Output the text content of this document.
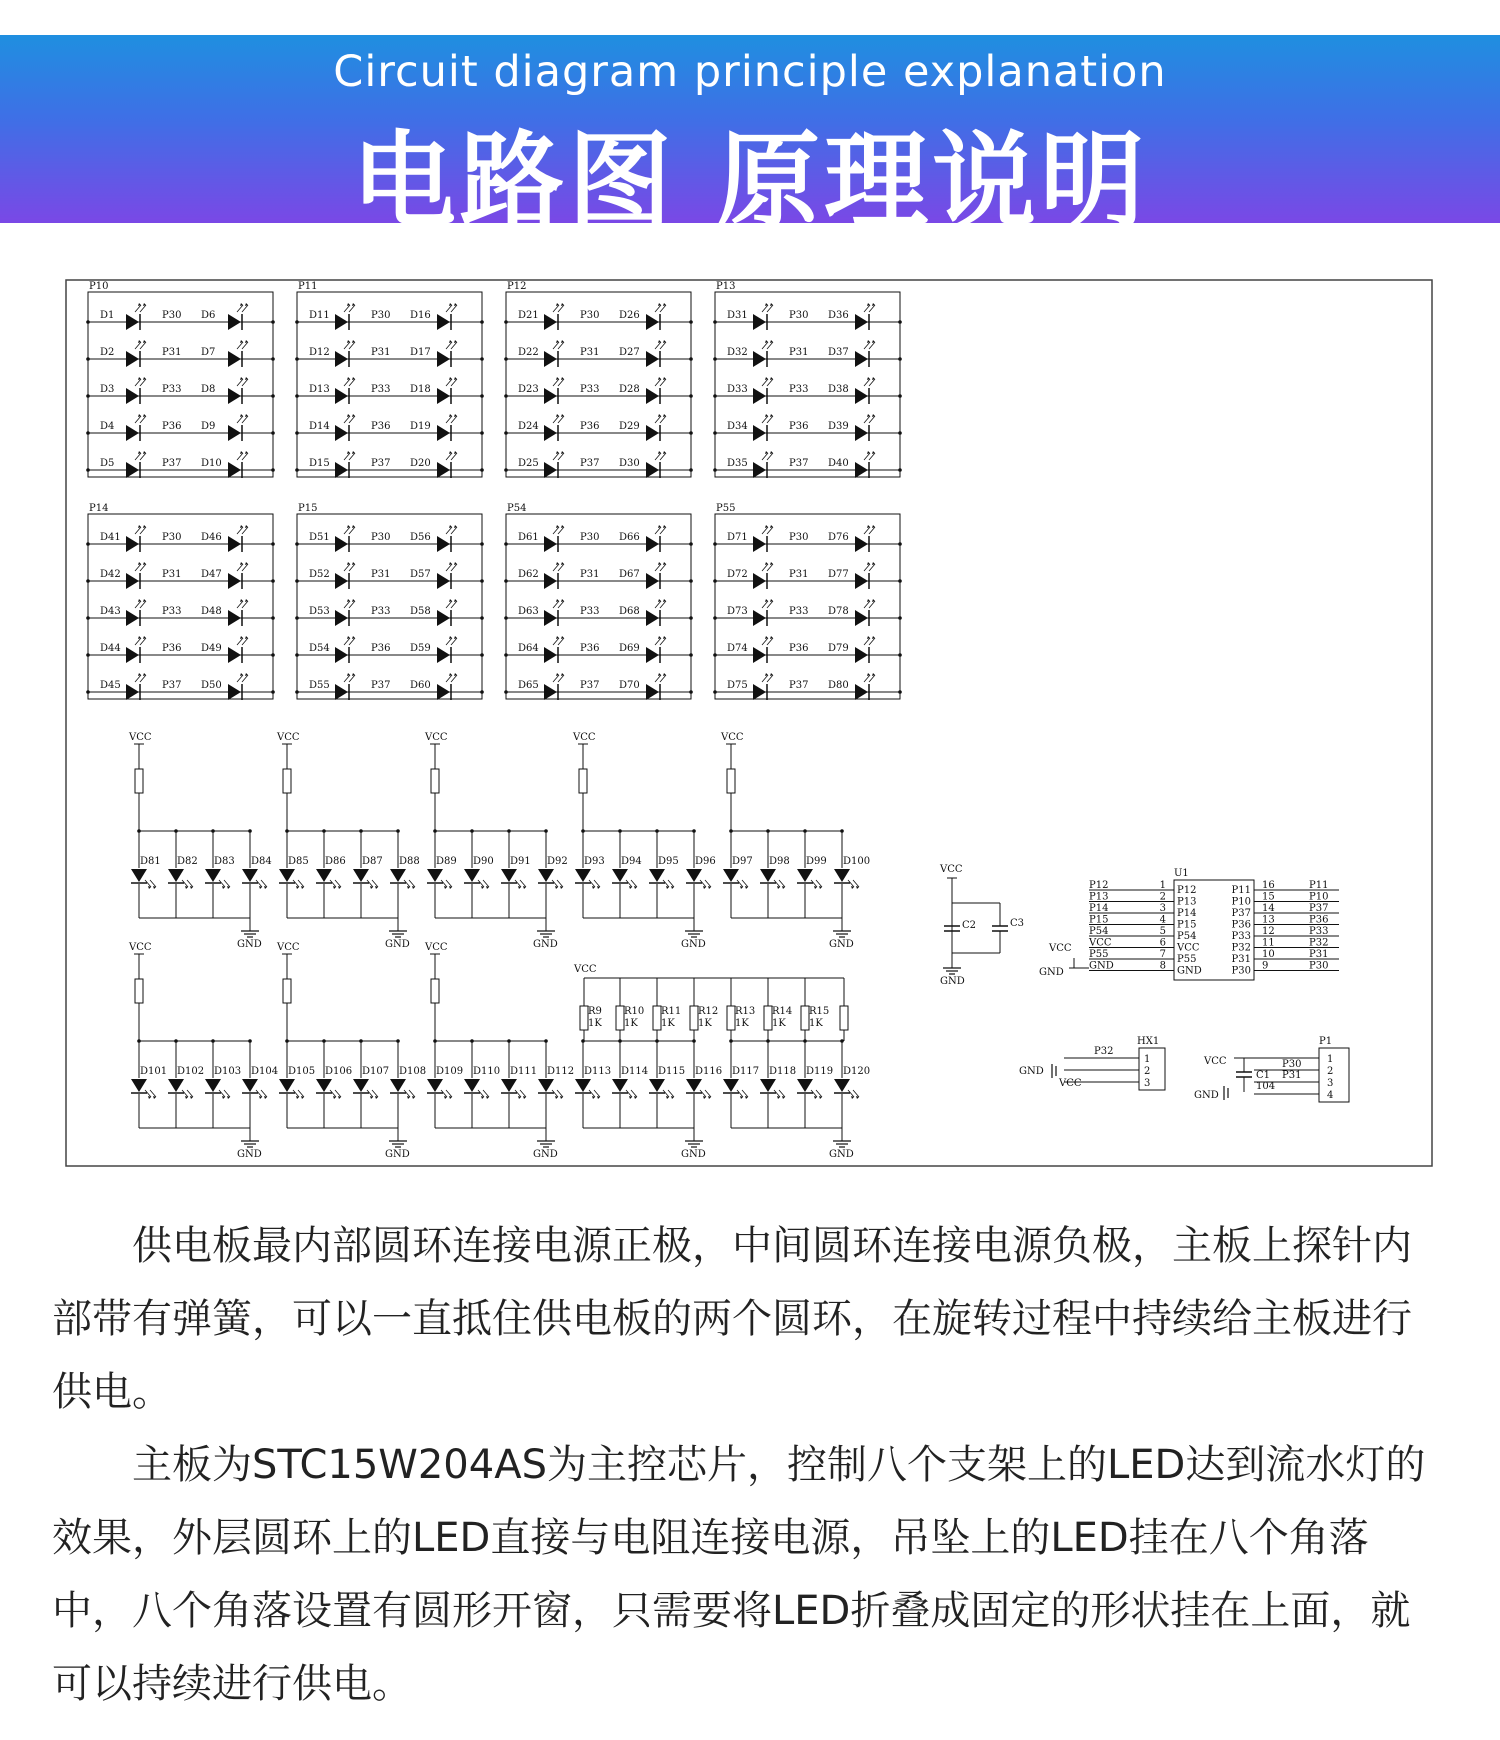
Circuit diagram principle explanation
电路图 原理说明
P10
D1	D6
P30
D2	D7
P31
D3	D8
P33
D4	D9
P36
D5	D10
P37
P11
D11	D16
P30
D12	D17
P31
D13	D18
P33
D14	D19
P36
D15	D20
P37
P12
D21	D26
P30
D22	D27
P31
D23	D28
P33
D24	D29
P36
D25	D30
P37
P13
D31	D36
P30
D32	D37
P31
D33	D38
P33
D34	D39
P36
D35	D40
P37
P14
D41	D46
P30
D42	D47
P31
D43	D48
P33
D44	D49
P36
D45	D50
P37
P15
D51	D56
P30
D52	D57
P31
D53	D58
P33
D54	D59
P36
D55	D60
P37
P54
D61	D66
P30
D62	D67
P31
D63	D68
P33
D64	D69
P36
D65	D70
P37
P55
D71	D76
P30
D72	D77
P31
D73	D78
P33
D74	D79
P36
D75	D80
P37
D81 D82 D83 D84
VCC
GND
D85 D86 D87 D88
VCC
GND
D89 D90 D91 D92
VCC
GND
D93 D94 D95 D96
VCC
GND
D97 D98 D99 D100
VCC
GND
D101 D102 D103 D104
VCC
GND
D105 D106 D107 D108
VCC
GND
D109 D110 D111 D112
VCC
GND
D113 D114 D115 D116
GND
D117 D118 D119 D120
GND
VCC
R9
1K
R10
1K
R11
1K
R12
1K
R13
1K
R14
1K
R15
1K
VCC
C2	C3
GND
U1
P12	1 P12	P11 16	P11
P13	2 P13	P10 15	P10
P14	3 P14	P37 14	P37
P15	4 P15	P36 13	P36
P54	5 P54	P33 12	P33
VCC	6 VCC	P32 11	P32
P55	7 P55	P31 10	P31
GND	8 GND	P30 9	P30
VCC
GND
HX1
1
2
3
P32
GND
VCC
P1
1
2
3
4
P30
P31
VCC
C1
104
GND

供电板最内部圆环连接电源正极，中间圆环连接电源负极，主板上探针内部带有弹簧，可以一直抵住供电板的两个圆环，在旋转过程中持续给主板进行供电。

主板为STC15W204AS为主控芯片，控制八个支架上的LED达到流水灯的效果，外层圆环上的LED直接与电阻连接电源，吊坠上的LED挂在八个角落中，八个角落设置有圆形开窗，只需要将LED折叠成固定的形状挂在上面，就可以持续进行供电。
